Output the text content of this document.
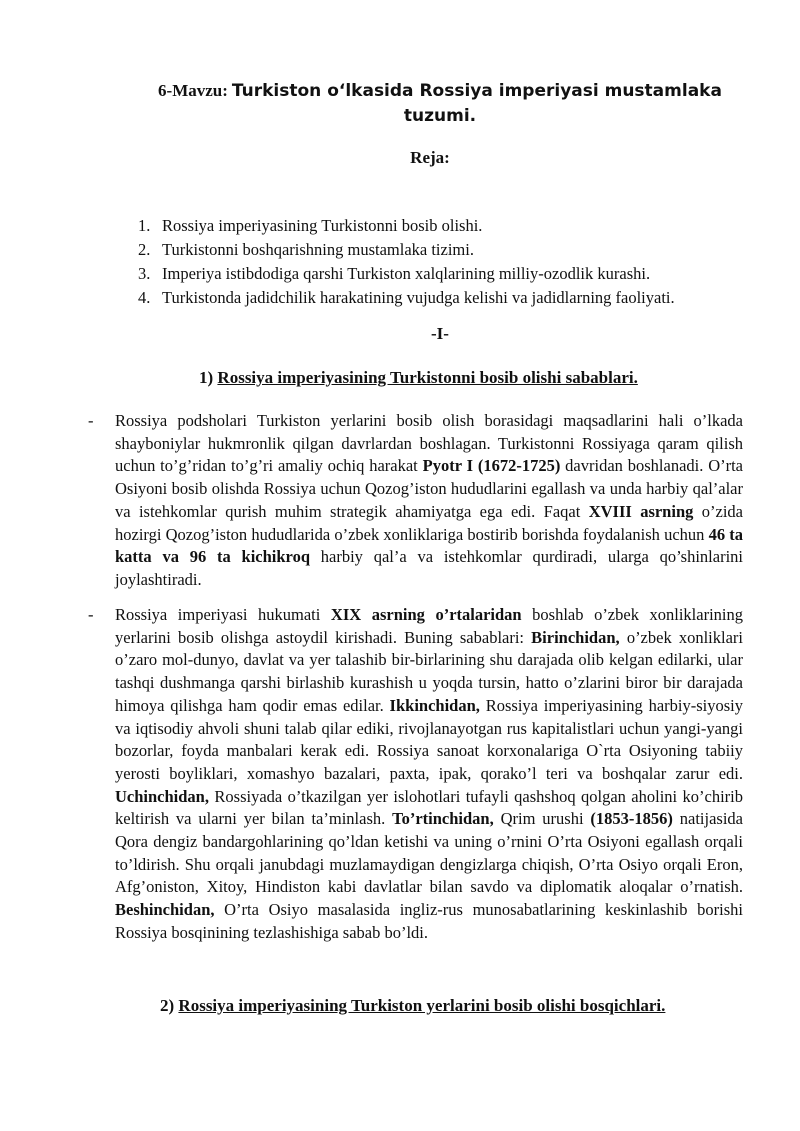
6-Mavzu: Turkiston o‘lkasida Rossiya imperiyasi mustamlaka tuzumi.
Reja:
1. Rossiya imperiyasining Turkistonni bosib olishi.
2. Turkistonni boshqarishning mustamlaka tizimi.
3. Imperiya istibdodiga qarshi Turkiston xalqlarining milliy-ozodlik kurashi.
4. Turkistonda jadidchilik harakatining vujudga kelishi va jadidlarning faoliyati.
-I-
1) Rossiya imperiyasining Turkistonni bosib olishi sabablari.
- Rossiya podsholari Turkiston yerlarini bosib olish borasidagi maqsadlarini hali o’lkada shayboniylar hukmronlik qilgan davrlardan boshlagan. Turkistonni Rossiyaga qaram qilish uchun to’g’ridan to’g’ri amaliy ochiq harakat Pyotr I (1672-1725) davridan boshlanadi. O’rta Osiyoni bosib olishda Rossiya uchun Qozog’iston hududlarini egallash va unda harbiy qal’alar va istehkomlar qurish muhim strategik ahamiyatga ega edi. Faqat XVIII asrning o’zida hozirgi Qozog’iston hududlarida o’zbek xonliklariga bostirib borishda foydalanish uchun 46 ta katta va 96 ta kichikroq harbiy qal’a va istehkomlar qurdiradi, ularga qo’shinlarini joylashtiradi.
- Rossiya imperiyasi hukumati XIX asrning o’rtalaridan boshlab o’zbek xonliklarining yerlarini bosib olishga astoydil kirishadi. Buning sabablari: Birinchidan, o’zbek xonliklari o’zaro mol-dunyo, davlat va yer talashib bir-birlarining shu darajada olib kelgan edilarki, ular tashqi dushmanga qarshi birlashib kurashish u yoqda tursin, hatto o’zlarini biror bir darajada himoya qilishga ham qodir emas edilar. Ikkinchidan, Rossiya imperiyasining harbiy-siyosiy va iqtisodiy ahvoli shuni talab qilar ediki, rivojlanayotgan rus kapitalistlari uchun yangi-yangi bozorlar, foyda manbalari kerak edi. Rossiya sanoat korxonalariga O`rta Osiyoning tabiiy yerosti boyliklari, xomashyo bazalari, paxta, ipak, qorako’l teri va boshqalar zarur edi. Uchinchidan, Rossiyada o’tkazilgan yer islohotlari tufayli qashshoq qolgan aholini ko’chirib keltirish va ularni yer bilan ta’minlash. To’rtinchidan, Qrim urushi (1853-1856) natijasida Qora dengiz bandargohlarining qo’ldan ketishi va uning o’rnini O’rta Osiyoni egallash orqali to’ldirish. Shu orqali janubdagi muzlamaydigan dengizlarga chiqish, O’rta Osiyo orqali Eron, Afg’oniston, Xitoy, Hindiston kabi davlatlar bilan savdo va diplomatik aloqalar o’rnatish. Beshinchidan, O’rta Osiyo masalasida ingliz-rus munosabatlarining keskinlashib borishi Rossiya bosqinining tezlashishiga sabab bo’ldi.
2) Rossiya imperiyasining Turkiston yerlarini bosib olishi bosqichlari.
